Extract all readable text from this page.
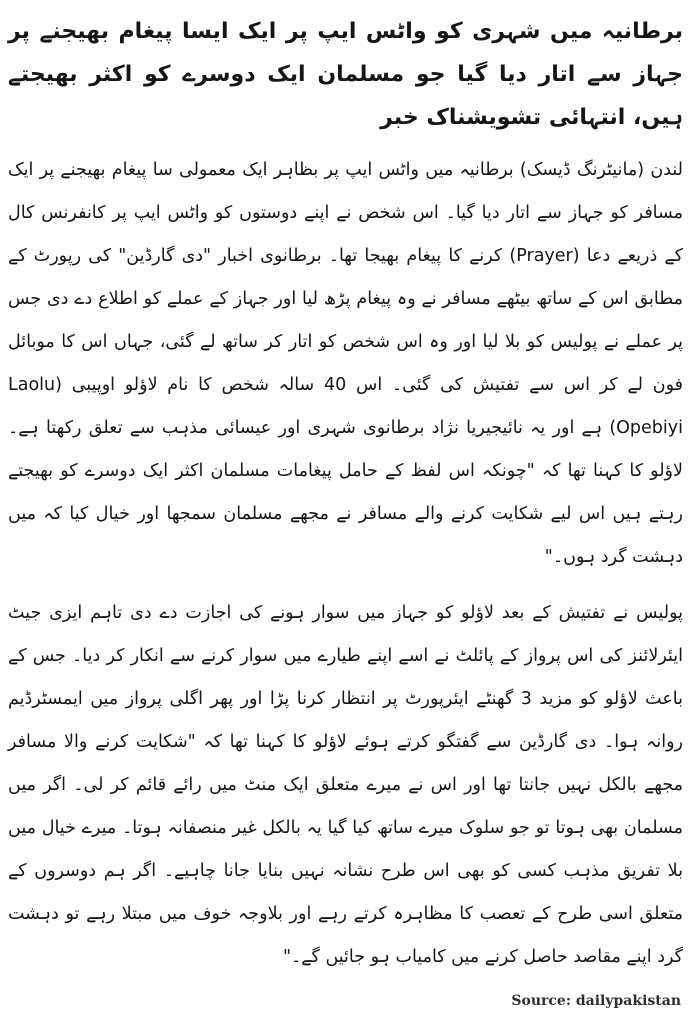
برطانیہ میں شہری کو واٹس ایپ پر ایک ایسا پیغام بھیجنے پر جہاز سے اتار دیا گیا جو مسلمان ایک دوسرے کو اکثر بھیجتے ہیں، انتہائی تشویشناک خبر

لندن (مانیٹرنگ ڈیسک) برطانیہ میں واٹس ایپ پر بظاہر ایک معمولی سا پیغام بھیجنے پر ایک مسافر کو جہاز سے اتار دیا گیا۔ اس شخص نے اپنے دوستوں کو واٹس ایپ پر کانفرنس کال کے ذریعے دعا (Prayer) کرنے کا پیغام بھیجا تھا۔ برطانوی اخبار "دی گارڈین" کی رپورٹ کے مطابق اس کے ساتھ بیٹھے مسافر نے وہ پیغام پڑھ لیا اور جہاز کے عملے کو اطلاع دے دی جس پر عملے نے پولیس کو بلا لیا اور وہ اس شخص کو اتار کر ساتھ لے گئی، جہاں اس کا موبائل فون لے کر اس سے تفتیش کی گئی۔ اس 40 سالہ شخص کا نام لاؤلو اوپیبی (Laolu Opebiyi) ہے اور یہ نائیجیریا نژاد برطانوی شہری اور عیسائی مذہب سے تعلق رکھتا ہے۔ لاؤلو کا کہنا تھا کہ "چونکہ اس لفظ کے حامل پیغامات مسلمان اکثر ایک دوسرے کو بھیجتے رہتے ہیں اس لیے شکایت کرنے والے مسافر نے مجھے مسلمان سمجھا اور خیال کیا کہ میں دہشت گرد ہوں۔"

پولیس نے تفتیش کے بعد لاؤلو کو جہاز میں سوار ہونے کی اجازت دے دی تاہم ایزی جیٹ ایئرلائنز کی اس پرواز کے پائلٹ نے اسے اپنے طیارے میں سوار کرنے سے انکار کر دیا۔ جس کے باعث لاؤلو کو مزید 3 گھنٹے ایئرپورٹ پر انتظار کرنا پڑا اور پھر اگلی پرواز میں ایمسٹرڈیم روانہ ہوا۔ دی گارڈین سے گفتگو کرتے ہوئے لاؤلو کا کہنا تھا کہ "شکایت کرنے والا مسافر مجھے بالکل نہیں جانتا تھا اور اس نے میرے متعلق ایک منٹ میں رائے قائم کر لی۔ اگر میں مسلمان بھی ہوتا تو جو سلوک میرے ساتھ کیا گیا یہ بالکل غیر منصفانہ ہوتا۔ میرے خیال میں بلا تفریق مذہب کسی کو بھی اس طرح نشانہ نہیں بنایا جانا چاہیے۔ اگر ہم دوسروں کے متعلق اسی طرح کے تعصب کا مظاہرہ کرتے رہے اور بلاوجہ خوف میں مبتلا رہے تو دہشت گرد اپنے مقاصد حاصل کرنے میں کامیاب ہو جائیں گے۔"

Source: dailypakistan
